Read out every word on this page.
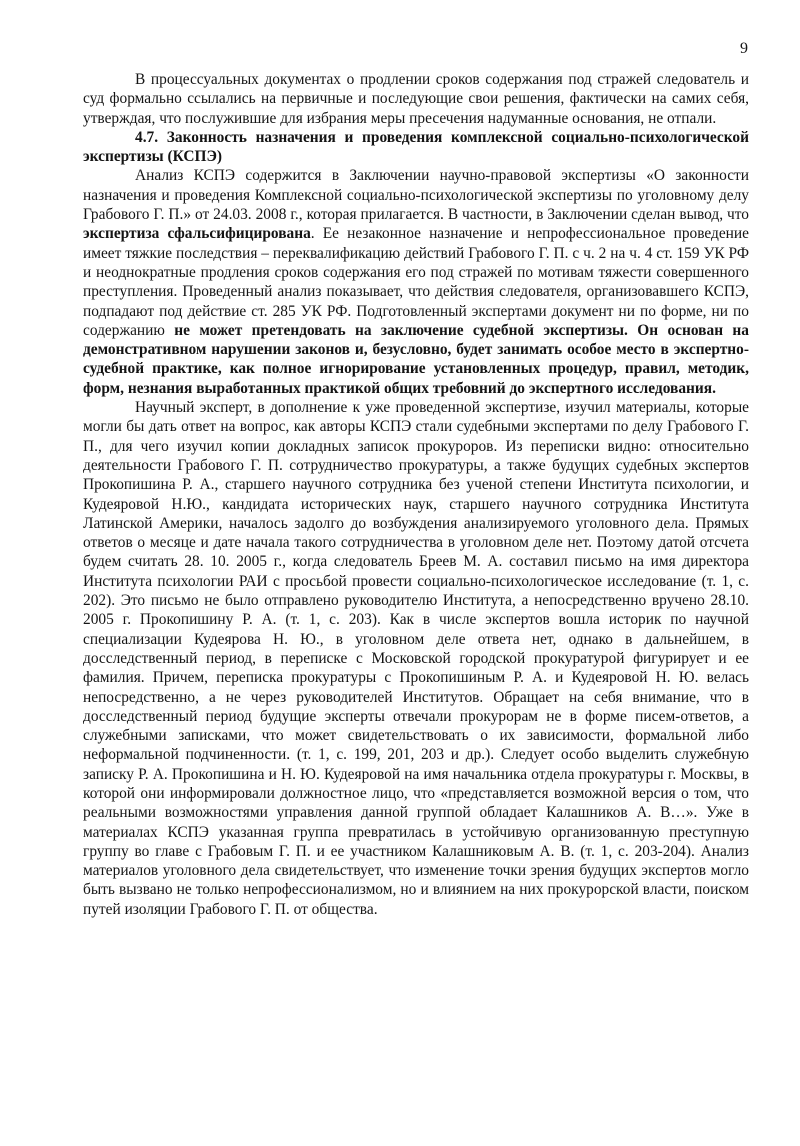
9

В процессуальных документах о продлении сроков содержания под стражей следователь и суд формально ссылались на первичные и последующие свои решения, фактически на самих себя, утверждая, что послужившие для избрания меры пресечения надуманные основания, не отпали.

4.7. Законность назначения и проведения комплексной социально-психологической экспертизы (КСПЭ)

Анализ КСПЭ содержится в Заключении научно-правовой экспертизы «О законности назначения и проведения Комплексной социально-психологической экспертизы по уголовному делу Грабового Г. П.» от 24.03. 2008 г., которая прилагается. В частности, в Заключении сделан вывод, что экспертиза сфальсифицирована. Ее незаконное назначение и непрофессиональное проведение имеет тяжкие последствия – переквалификацию действий Грабового Г. П. с ч. 2 на ч. 4 ст. 159 УК РФ и неоднократные продления сроков содержания его под стражей по мотивам тяжести совершенного преступления. Проведенный анализ показывает, что действия следователя, организовавшего КСПЭ, подпадают под действие ст. 285 УК РФ. Подготовленный экспертами документ ни по форме, ни по содержанию не может претендовать на заключение судебной экспертизы. Он основан на демонстративном нарушении законов и, безусловно, будет занимать особое место в экспертно-судебной практике, как полное игнорирование установленных процедур, правил, методик, форм, незнания выработанных практикой общих требовний до экспертного исследования.

Научный эксперт, в дополнение к уже проведенной экспертизе, изучил материалы, которые могли бы дать ответ на вопрос, как авторы КСПЭ стали судебными экспертами по делу Грабового Г. П., для чего изучил копии докладных записок прокуроров. Из переписки видно: относительно деятельности Грабового Г. П. сотрудничество прокуратуры, а также будущих судебных экспертов Прокопишина Р. А., старшего научного сотрудника без ученой степени Института психологии, и Кудеяровой Н.Ю., кандидата исторических наук, старшего научного сотрудника Института Латинской Америки, началось задолго до возбуждения анализируемого уголовного дела. Прямых ответов о месяце и дате начала такого сотрудничества в уголовном деле нет. Поэтому датой отсчета будем считать 28. 10. 2005 г., когда следователь Бреев М. А. составил письмо на имя директора Института психологии РАИ с просьбой провести социально-психологическое исследование (т. 1, с. 202). Это письмо не было отправлено руководителю Института, а непосредственно вручено 28.10. 2005 г. Прокопишину Р. А. (т. 1, с. 203). Как в числе экспертов вошла историк по научной специализации Кудеярова Н. Ю., в уголовном деле ответа нет, однако в дальнейшем, в досследственный период, в переписке с Московской городской прокуратурой фигурирует и ее фамилия. Причем, переписка прокуратуры с Прокопишиным Р. А. и Кудеяровой Н. Ю. велась непосредственно, а не через руководителей Институтов. Обращает на себя внимание, что в досследственный период будущие эксперты отвечали прокурорам не в форме писем-ответов, а служебными записками, что может свидетельствовать о их зависимости, формальной либо неформальной подчиненности. (т. 1, с. 199, 201, 203 и др.). Следует особо выделить служебную записку Р. А. Прокопишина и Н. Ю. Кудеяровой на имя начальника отдела прокуратуры г. Москвы, в которой они информировали должностное лицо, что «представляется возможной версия о том, что реальными возможностями управления данной группой обладает Калашников А. В…». Уже в материалах КСПЭ указанная группа превратилась в устойчивую организованную преступную группу во главе с Грабовым Г. П. и ее участником Калашниковым А. В. (т. 1, с. 203-204). Анализ материалов уголовного дела свидетельствует, что изменение точки зрения будущих экспертов могло быть вызвано не только непрофессионализмом, но и влиянием на них прокурорской власти, поиском путей изоляции Грабового Г. П. от общества.
